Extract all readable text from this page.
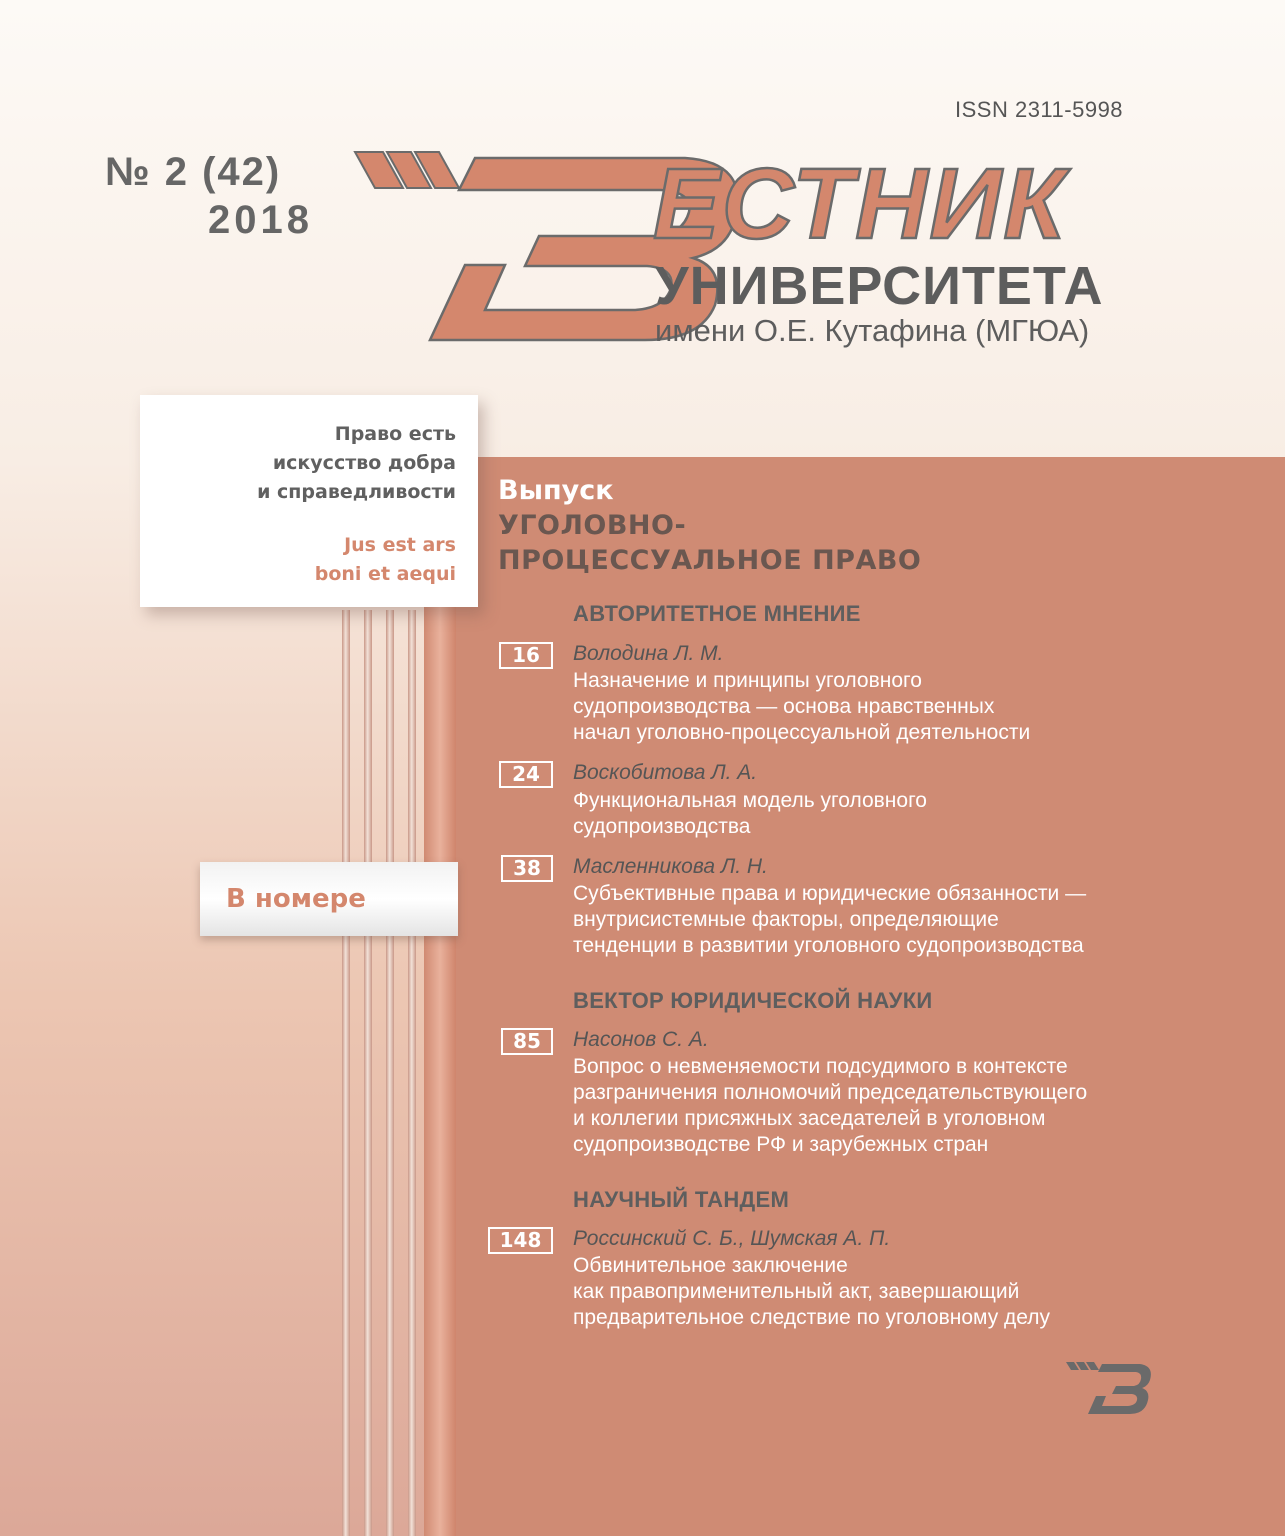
ISSN 2311-5998
№ 2 (42)
2018	ЕСТНИК
УНИВЕРСИТЕТА
имени О.Е. Кутафина (МГЮА)
Право есть
искусство добра
и справедливости
Jus est ars
boni et aequi
В номере
Выпуск
УГОЛОВНО-
ПРОЦЕССУАЛЬНОЕ ПРАВО
АВТОРИТЕТНОЕ МНЕНИЕ
16	Володина Л. М.
Назначение и принципы уголовного
судопроизводства — основа нравственных
начал уголовно-процессуальной деятельности
24	Воскобитова Л. А.
Функциональная модель уголовного
судопроизводства
38	Масленникова Л. Н.
Субъективные права и юридические обязанности —
внутрисистемные факторы, определяющие
тенденции в развитии уголовного судопроизводства
ВЕКТОР ЮРИДИЧЕСКОЙ НАУКИ
85	Насонов С. А.
Вопрос о невменяемости подсудимого в контексте
разграничения полномочий председательствующего
и коллегии присяжных заседателей в уголовном
судопроизводстве РФ и зарубежных стран
НАУЧНЫЙ ТАНДЕМ
148	Россинский С. Б., Шумская А. П.
Обвинительное заключение
как правоприменительный акт, завершающий
предварительное следствие по уголовному делу
